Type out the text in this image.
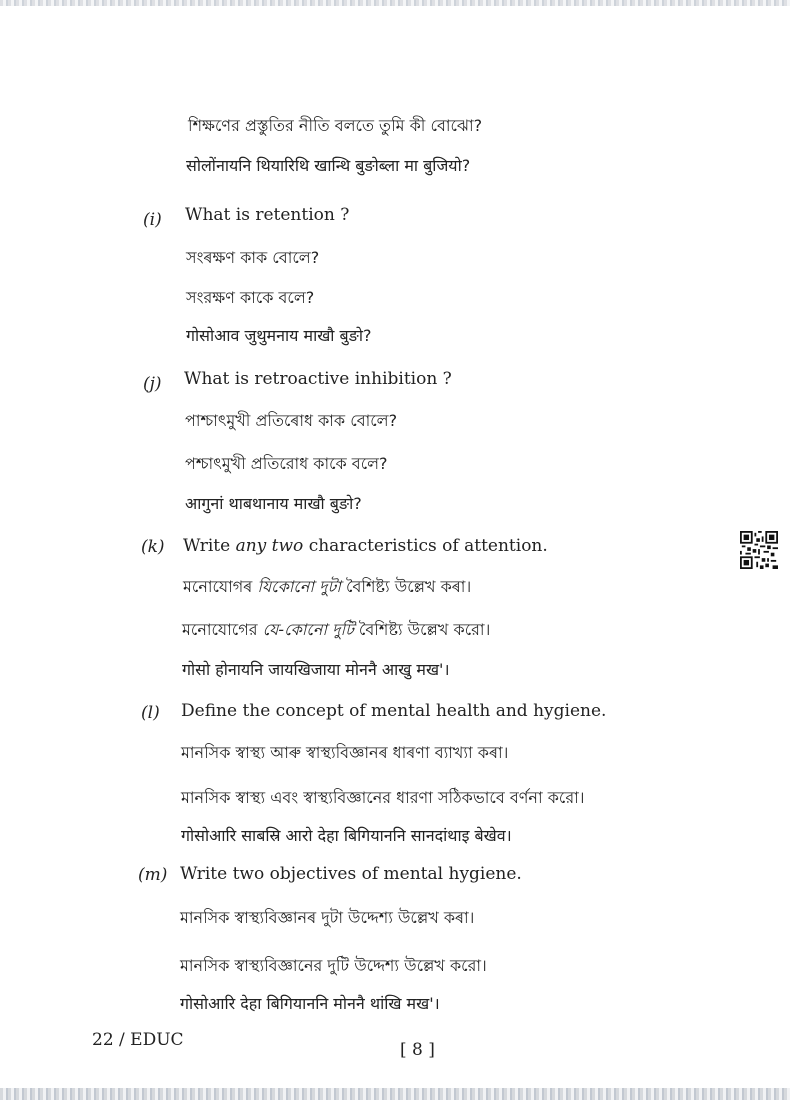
শিক্ষণের প্রস্তুতির নীতি বলতে তুমি কী বোঝো?
सोलोंनायनि थियारिथि खान्थि बुङोब्ला मा बुजियो?
(i) What is retention ?
সংৰক্ষণ কাক বোলে?
সংরক্ষণ কাকে বলে?
गोसोआव जुथुमनाय माखौ बुङो?
(j) What is retroactive inhibition ?
পাশ্চাৎমুখী প্ৰতিৰোধ কাক বোলে?
পশ্চাৎমুখী প্রতিরোধ কাকে বলে?
आगुनां थाबथानाय माखौ बुङो?
(k) Write any two characteristics of attention.
মনোযোগৰ যিকোনো দুটা বৈশিষ্ট্য উল্লেখ কৰা।
মনোযোগের যে-কোনো দুটি বৈশিষ্ট্য উল্লেখ করো।
गोसो होनायनि जायखिजाया मोननै आखु मख'।
(l) Define the concept of mental health and hygiene.
মানসিক স্বাস্থ্য আৰু স্বাস্থ্যবিজ্ঞানৰ ধাৰণা ব্যাখ্যা কৰা।
মানসিক স্বাস্থ্য এবং স্বাস্থ্যবিজ্ঞানের ধারণা সঠিকভাবে বর্ণনা করো।
गोसोआरि साबस्रि आरो देहा बिगियाननि सानदांथाइ बेखेव।
(m) Write two objectives of mental hygiene.
মানসিক স্বাস্থ্যবিজ্ঞানৰ দুটা উদ্দেশ্য উল্লেখ কৰা।
মানসিক স্বাস্থ্যবিজ্ঞানের দুটি উদ্দেশ্য উল্লেখ করো।
गोसोआरि देहा बिगियाननि मोननै थांखि मख'।
22 / EDUC	[ 8 ]
